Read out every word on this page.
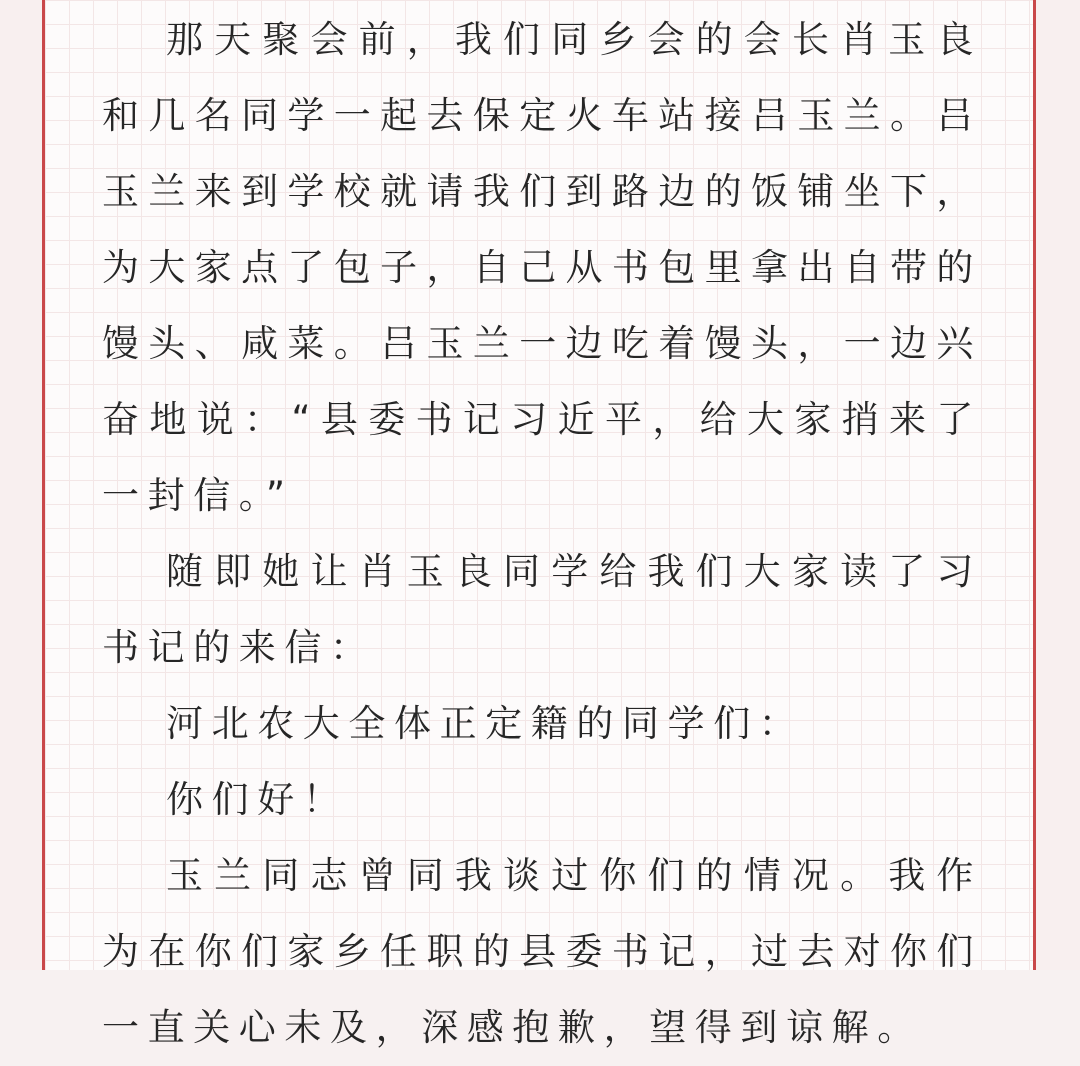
那天聚会前，我们同乡会的会长肖玉良和几名同学一起去保定火车站接吕玉兰。吕玉兰来到学校就请我们到路边的饭铺坐下，为大家点了包子，自己从书包里拿出自带的馒头、咸菜。吕玉兰一边吃着馒头，一边兴奋地说：“县委书记习近平，给大家捎来了一封信。”

随即她让肖玉良同学给我们大家读了习书记的来信：

河北农大全体正定籍的同学们：

你们好！

玉兰同志曾同我谈过你们的情况。我作为在你们家乡任职的县委书记，过去对你们一直关心未及，深感抱歉，望得到谅解。
